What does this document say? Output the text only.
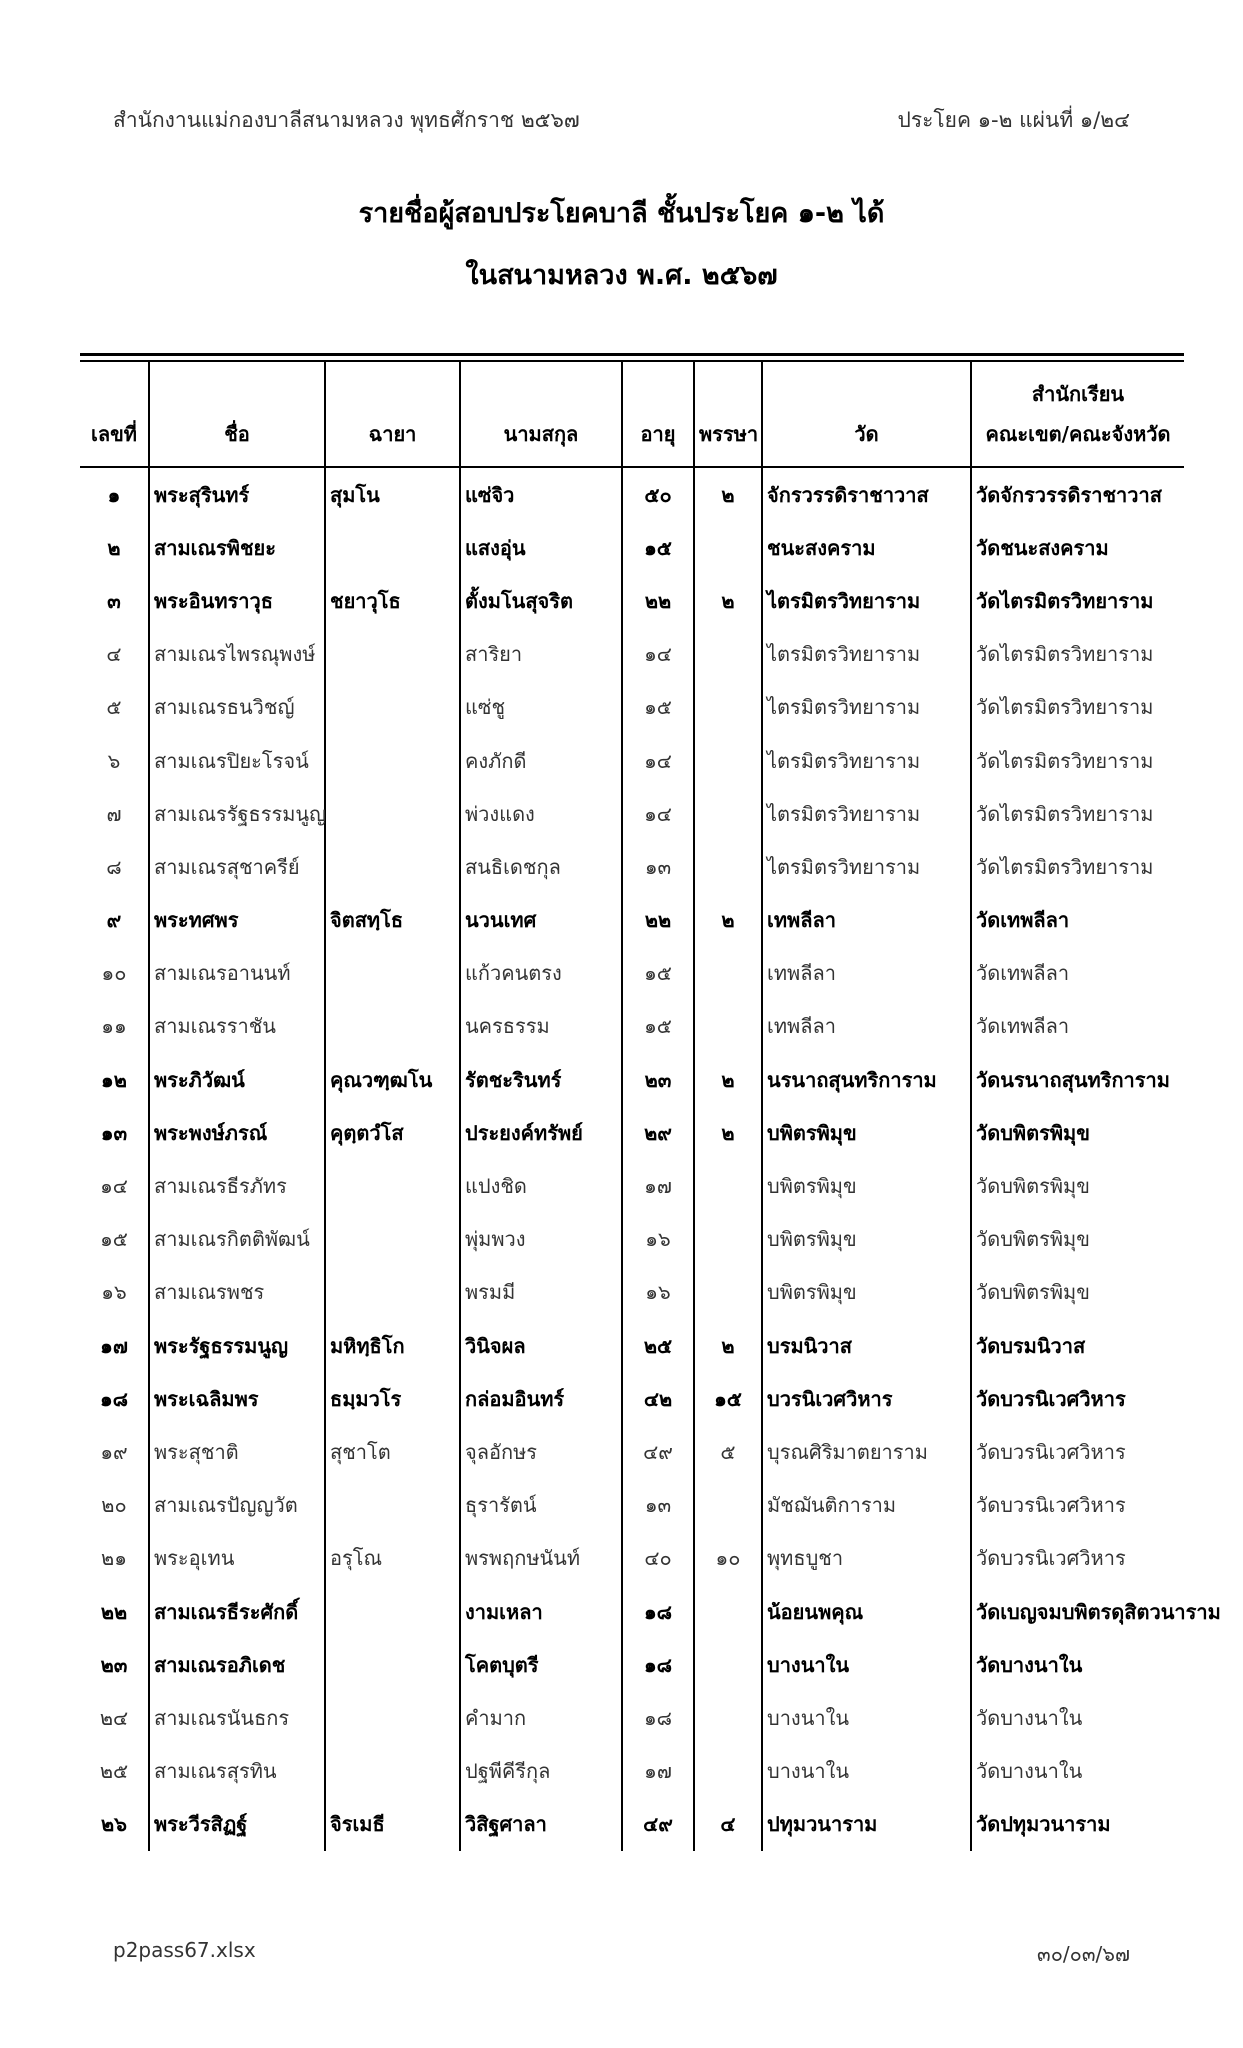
สำนักงานแม่กองบาลีสนามหลวง พุทธศักราช ๒๕๖๗	ประโยค ๑-๒ แผ่นที่ ๑/๒๔
รายชื่อผู้สอบประโยคบาลี ชั้นประโยค ๑-๒ ได้
ในสนามหลวง พ.ศ. ๒๕๖๗
เลขที่	ชื่อ	ฉายา	นามสกุล	อายุ	พรรษา	วัด	สำนักเรียน
คณะเขต/คณะจังหวัด

๑	พระสุรินทร์	สุมโน	แซ่จิว	๕๐	๒	จักรวรรดิราชาวาส	วัดจักรวรรดิราชาวาส
๒	สามเณรพิชยะ		แสงอุ่น	๑๕		ชนะสงคราม	วัดชนะสงคราม
๓	พระอินทราวุธ	ชยาวุโธ	ตั้งมโนสุจริต	๒๒	๒	ไตรมิตรวิทยาราม	วัดไตรมิตรวิทยาราม
๔	สามเณรไพรณุพงษ์		สาริยา	๑๔		ไตรมิตรวิทยาราม	วัดไตรมิตรวิทยาราม
๕	สามเณรธนวิชญ์		แซ่ชู	๑๕		ไตรมิตรวิทยาราม	วัดไตรมิตรวิทยาราม
๖	สามเณรปิยะโรจน์		คงภักดี	๑๔		ไตรมิตรวิทยาราม	วัดไตรมิตรวิทยาราม
๗	สามเณรรัฐธรรมนูญ		พ่วงแดง	๑๔		ไตรมิตรวิทยาราม	วัดไตรมิตรวิทยาราม
๘	สามเณรสุชาครีย์		สนธิเดชกุล	๑๓		ไตรมิตรวิทยาราม	วัดไตรมิตรวิทยาราม
๙	พระทศพร	จิตสทฺโธ	นวนเทศ	๒๒	๒	เทพลีลา	วัดเทพลีลา
๑๐	สามเณรอานนท์		แก้วคนตรง	๑๕		เทพลีลา	วัดเทพลีลา
๑๑	สามเณรราชัน		นครธรรม	๑๕		เทพลีลา	วัดเทพลีลา
๑๒	พระภิวัฒน์	คุณวฑฺฒโน	รัตชะรินทร์	๒๓	๒	นรนาถสุนทริการาม	วัดนรนาถสุนทริการาม
๑๓	พระพงษ์ภรณ์	คุตฺตวํโส	ประยงค์ทรัพย์	๒๙	๒	บพิตรพิมุข	วัดบพิตรพิมุข
๑๔	สามเณรธีรภัทร		แปงชิด	๑๗		บพิตรพิมุข	วัดบพิตรพิมุข
๑๕	สามเณรกิตติพัฒน์		พุ่มพวง	๑๖		บพิตรพิมุข	วัดบพิตรพิมุข
๑๖	สามเณรพชร		พรมมี	๑๖		บพิตรพิมุข	วัดบพิตรพิมุข
๑๗	พระรัฐธรรมนูญ	มหิทฺธิโก	วินิจผล	๒๕	๒	บรมนิวาส	วัดบรมนิวาส
๑๘	พระเฉลิมพร	ธมฺมวโร	กล่อมอินทร์	๔๒	๑๕	บวรนิเวศวิหาร	วัดบวรนิเวศวิหาร
๑๙	พระสุชาติ	สุชาโต	จุลอักษร	๔๙	๕	บุรณศิริมาตยาราม	วัดบวรนิเวศวิหาร
๒๐	สามเณรปัญญวัต		ธุรารัตน์	๑๓		มัชฌันติการาม	วัดบวรนิเวศวิหาร
๒๑	พระอุเทน	อรุโณ	พรพฤกษนันท์	๔๐	๑๐	พุทธบูชา	วัดบวรนิเวศวิหาร
๒๒	สามเณรธีระศักดิ์		งามเหลา	๑๘		น้อยนพคุณ	วัดเบญจมบพิตรดุสิตวนาราม
๒๓	สามเณรอภิเดช		โคตบุตรี	๑๘		บางนาใน	วัดบางนาใน
๒๔	สามเณรนันธกร		คำมาก	๑๘		บางนาใน	วัดบางนาใน
๒๕	สามเณรสุรทิน		ปฐพีคีรีกุล	๑๗		บางนาใน	วัดบางนาใน
๒๖	พระวีรสิฏฐ์	จิรเมธี	วิสิฐศาลา	๔๙	๔	ปทุมวนาราม	วัดปทุมวนาราม
p2pass67.xlsx	๓๐/๐๓/๖๗
